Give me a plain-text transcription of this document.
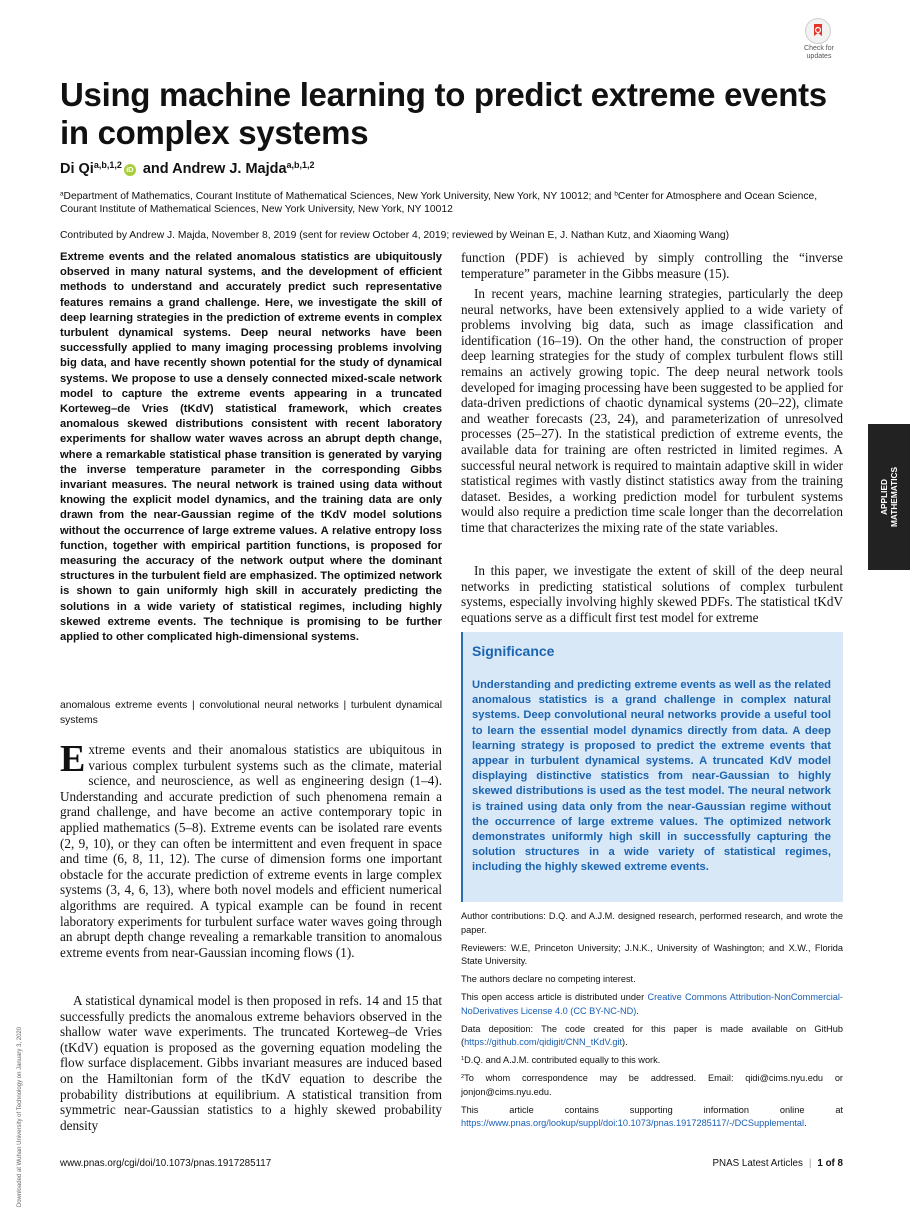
Check for
updates
Using machine learning to predict extreme events in complex systems
Di Qi$^{a,b,1,2}$ iD and Andrew J. Majda$^{a,b,1,2}$
$^a$Department of Mathematics, Courant Institute of Mathematical Sciences, New York University, New York, NY 10012; and $^b$Center for Atmosphere and Ocean Science, Courant Institute of Mathematical Sciences, New York University, New York, NY 10012
Contributed by Andrew J. Majda, November 8, 2019 (sent for review October 4, 2019; reviewed by Weinan E, J. Nathan Kutz, and Xiaoming Wang)
Extreme events and the related anomalous statistics are ubiquitously observed in many natural systems, and the development of efficient methods to understand and accurately predict such representative features remains a grand challenge. Here, we investigate the skill of deep learning strategies in the prediction of extreme events in complex turbulent dynamical systems. Deep neural networks have been successfully applied to many imaging processing problems involving big data, and have recently shown potential for the study of dynamical systems. We propose to use a densely connected mixed-scale network model to capture the extreme events appearing in a truncated Korteweg–de Vries (tKdV) statistical framework, which creates anomalous skewed distributions consistent with recent laboratory experiments for shallow water waves across an abrupt depth change, where a remarkable statistical phase transition is generated by varying the inverse temperature parameter in the corresponding Gibbs invariant measures. The neural network is trained using data without knowing the explicit model dynamics, and the training data are only drawn from the near-Gaussian regime of the tKdV model solutions without the occurrence of large extreme values. A relative entropy loss function, together with empirical partition functions, is proposed for measuring the accuracy of the network output where the dominant structures in the turbulent field are emphasized. The optimized network is shown to gain uniformly high skill in accurately predicting the solutions in a wide variety of statistical regimes, including highly skewed extreme events. The technique is promising to be further applied to other complicated high-dimensional systems.
anomalous extreme events | convolutional neural networks | turbulent dynamical systems
Extreme events and their anomalous statistics are ubiquitous in various complex turbulent systems such as the climate, material science, and neuroscience, as well as engineering design (1–4). Understanding and accurate prediction of such phenomena remain a grand challenge, and have become an active contemporary topic in applied mathematics (5–8). Extreme events can be isolated rare events (2, 9, 10), or they can often be intermittent and even frequent in space and time (6, 8, 11, 12). The curse of dimension forms one important obstacle for the accurate prediction of extreme events in large complex systems (3, 4, 6, 13), where both novel models and efficient numerical algorithms are required. A typical example can be found in recent laboratory experiments for turbulent surface water waves going through an abrupt depth change revealing a remarkable transition to anomalous extreme events from near-Gaussian incoming flows (1).
A statistical dynamical model is then proposed in refs. 14 and 15 that successfully predicts the anomalous extreme behaviors observed in the shallow water wave experiments. The truncated Korteweg–de Vries (tKdV) equation is proposed as the governing equation modeling the flow surface displacement. Gibbs invariant measures are induced based on the Hamiltonian form of the tKdV equation to describe the probability distributions at equilibrium. A statistical transition from symmetric near-Gaussian statistics to a highly skewed probability density
function (PDF) is achieved by simply controlling the “inverse temperature” parameter in the Gibbs measure (15).
In recent years, machine learning strategies, particularly the deep neural networks, have been extensively applied to a wide variety of problems involving big data, such as image classification and identification (16–19). On the other hand, the construction of proper deep learning strategies for the study of complex turbulent flows still remains an actively growing topic. The deep neural network tools developed for imaging processing have been suggested to be applied for data-driven predictions of chaotic dynamical systems (20–22), climate and weather forecasts (23, 24), and parameterization of unresolved processes (25–27). In the statistical prediction of extreme events, the available data for training are often restricted in limited regimes. A successful neural network is required to maintain adaptive skill in wider statistical regimes with vastly distinct statistics away from the training dataset. Besides, a working prediction model for turbulent systems would also require a prediction time scale longer than the decorrelation time that characterizes the mixing rate of the state variables.
In this paper, we investigate the extent of skill of the deep neural networks in predicting statistical solutions of complex turbulent systems, especially involving highly skewed PDFs. The statistical tKdV equations serve as a difficult first test model for extreme
Significance
Understanding and predicting extreme events as well as the related anomalous statistics is a grand challenge in complex natural systems. Deep convolutional neural networks provide a useful tool to learn the essential model dynamics directly from data. A deep learning strategy is proposed to predict the extreme events that appear in turbulent dynamical systems. A truncated KdV model displaying distinctive statistics from near-Gaussian to highly skewed distributions is used as the test model. The neural network is trained using data only from the near-Gaussian regime without the occurrence of large extreme values. The optimized network demonstrates uniformly high skill in successfully capturing the solution structures in a wide variety of statistical regimes, including the highly skewed extreme events.

Author contributions: D.Q. and A.J.M. designed research, performed research, and wrote the paper.

Reviewers: W.E, Princeton University; J.N.K., University of Washington; and X.W., Florida State University.

The authors declare no competing interest.

This open access article is distributed under Creative Commons Attribution-NonCommercial-NoDerivatives License 4.0 (CC BY-NC-ND).

Data deposition: The code created for this paper is made available on GitHub (https://github.com/qidigit/CNN_tKdV.git).

$^1$D.Q. and A.J.M. contributed equally to this work.

$^2$To whom correspondence may be addressed. Email: qidi@cims.nyu.edu or jonjon@cims.nyu.edu.

This article contains supporting information online at https://www.pnas.org/lookup/suppl/doi:10.1073/pnas.1917285117/-/DCSupplemental.

APPLIED MATHEMATICS
Downloaded at Wuhan University of Technology on January 3, 2020	www.pnas.org/cgi/doi/10.1073/pnas.1917285117	PNAS Latest Articles | 1 of 8
